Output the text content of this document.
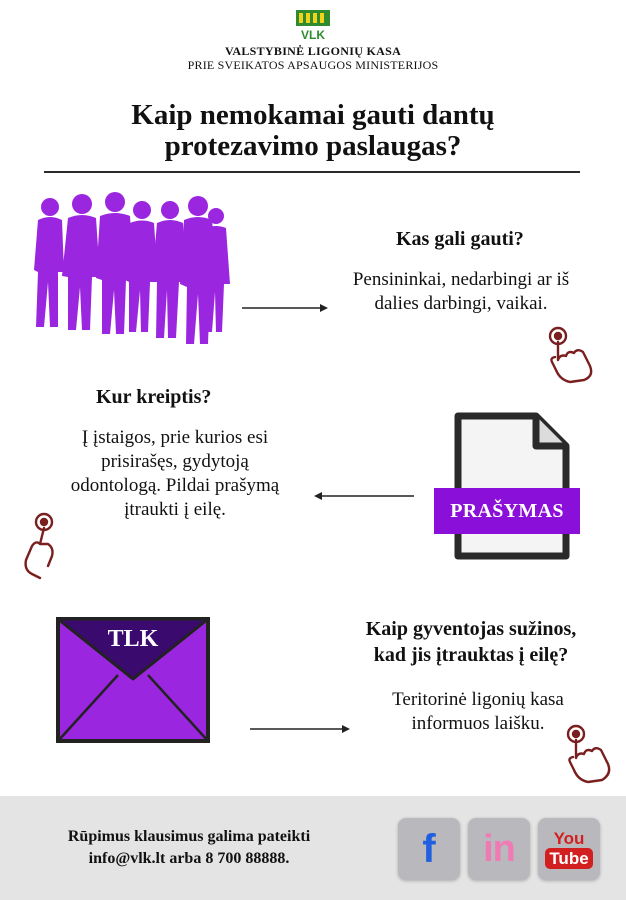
VLK
VALSTYBINĖ LIGONIŲ KASA
PRIE SVEIKATOS APSAUGOS MINISTERIJOS
Kaip nemokamai gauti dantų
protezavimo paslaugas?
Kas gali gauti?
Pensininkai, nedarbingi ar iš
dalies darbingi, vaikai.
Kur kreiptis?
Į įstaigos, prie kurios esi
prisirašęs, gydytoją
odontologą. Pildai prašymą
įtraukti į eilę.	PRAŠYMAS
TLK	Kaip gyventojas sužinos,
kad jis įtrauktas į eilę?
Teritorinė ligonių kasa
informuos laišku.
Rūpimus klausimus galima pateikti
info@vlk.lt arba 8 700 88888.	f in	You
Tube
